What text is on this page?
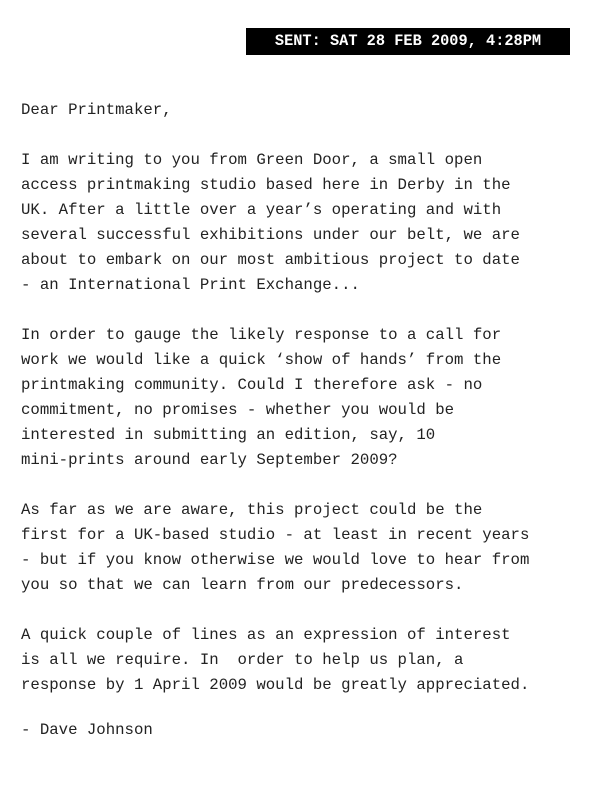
SENT: SAT 28 FEB 2009, 4:28PM
Dear Printmaker,
I am writing to you from Green Door, a small open
access printmaking studio based here in Derby in the
UK. After a little over a year’s operating and with
several successful exhibitions under our belt, we are
about to embark on our most ambitious project to date
- an International Print Exchange...
In order to gauge the likely response to a call for
work we would like a quick ‘show of hands’ from the
printmaking community. Could I therefore ask - no
commitment, no promises - whether you would be
interested in submitting an edition, say, 10
mini-prints around early September 2009?
As far as we are aware, this project could be the
first for a UK-based studio - at least in recent years
- but if you know otherwise we would love to hear from
you so that we can learn from our predecessors.
A quick couple of lines as an expression of interest
is all we require. In  order to help us plan, a
response by 1 April 2009 would be greatly appreciated.
- Dave Johnson
